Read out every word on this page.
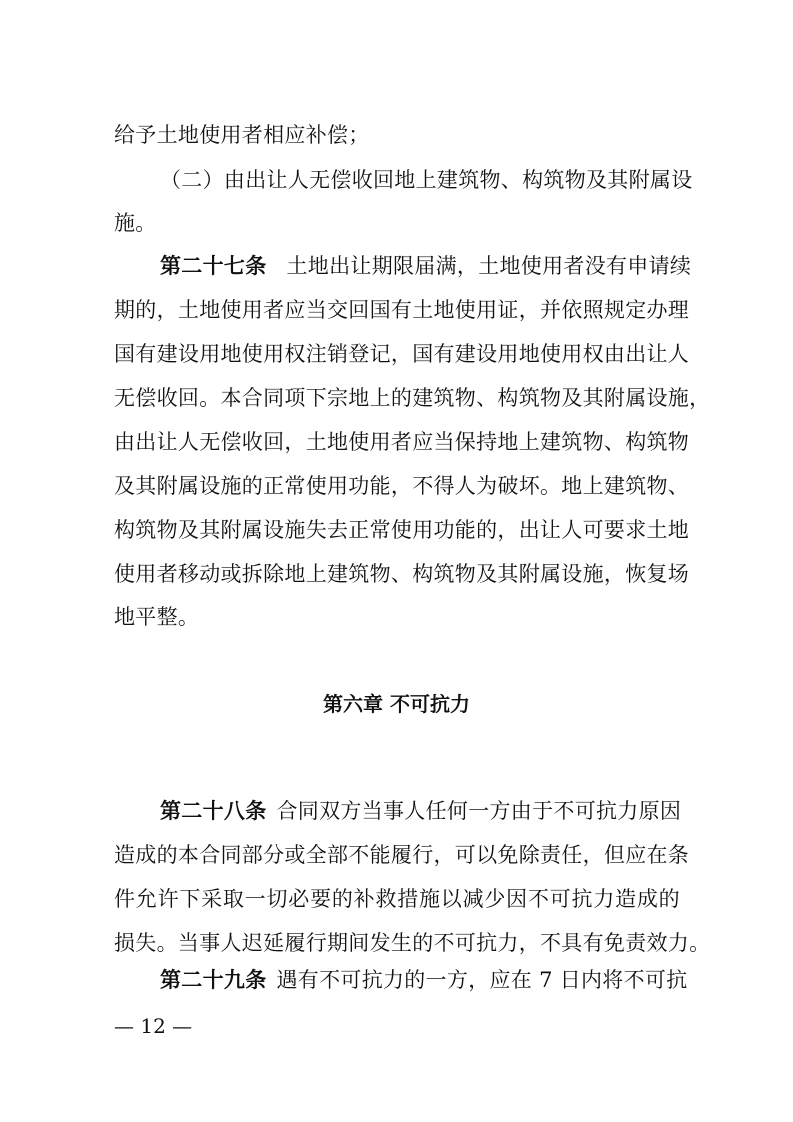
给予土地使用者相应补偿；
（二）由出让人无偿收回地上建筑物、构筑物及其附属设
施。
第二十七条 土地出让期限届满，土地使用者没有申请续
期的，土地使用者应当交回国有土地使用证，并依照规定办理
国有建设用地使用权注销登记，国有建设用地使用权由出让人
无偿收回。本合同项下宗地上的建筑物、构筑物及其附属设施，
由出让人无偿收回，土地使用者应当保持地上建筑物、构筑物
及其附属设施的正常使用功能，不得人为破坏。地上建筑物、
构筑物及其附属设施失去正常使用功能的，出让人可要求土地
使用者移动或拆除地上建筑物、构筑物及其附属设施，恢复场
地平整。
第六章 不可抗力
第二十八条 合同双方当事人任何一方由于不可抗力原因
造成的本合同部分或全部不能履行，可以免除责任，但应在条
件允许下采取一切必要的补救措施以减少因不可抗力造成的
损失。当事人迟延履行期间发生的不可抗力，不具有免责效力。
第二十九条 遇有不可抗力的一方，应在 7 日内将不可抗
— 12 —
